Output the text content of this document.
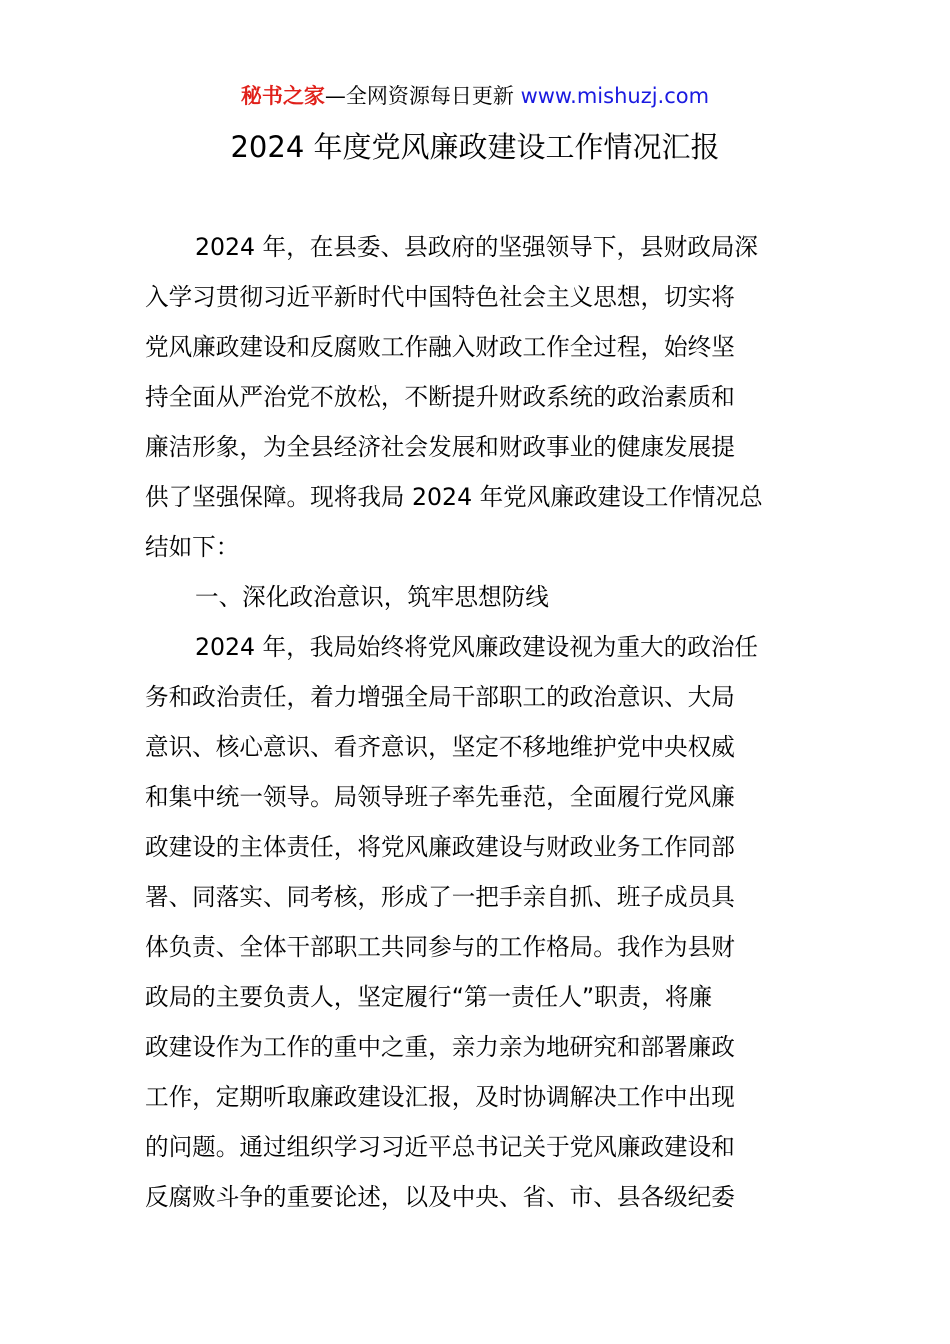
秘书之家—全网资源每日更新 www.mishuzj.com
2024 年度党风廉政建设工作情况汇报
2024 年，在县委、县政府的坚强领导下，县财政局深
入学习贯彻习近平新时代中国特色社会主义思想，切实将
党风廉政建设和反腐败工作融入财政工作全过程，始终坚
持全面从严治党不放松，不断提升财政系统的政治素质和
廉洁形象，为全县经济社会发展和财政事业的健康发展提
供了坚强保障。现将我局 2024 年党风廉政建设工作情况总
结如下：
一、深化政治意识，筑牢思想防线
2024 年，我局始终将党风廉政建设视为重大的政治任
务和政治责任，着力增强全局干部职工的政治意识、大局
意识、核心意识、看齐意识，坚定不移地维护党中央权威
和集中统一领导。局领导班子率先垂范，全面履行党风廉
政建设的主体责任，将党风廉政建设与财政业务工作同部
署、同落实、同考核，形成了一把手亲自抓、班子成员具
体负责、全体干部职工共同参与的工作格局。我作为县财
政局的主要负责人，坚定履行“第一责任人”职责，将廉
政建设作为工作的重中之重，亲力亲为地研究和部署廉政
工作，定期听取廉政建设汇报，及时协调解决工作中出现
的问题。通过组织学习习近平总书记关于党风廉政建设和
反腐败斗争的重要论述，以及中央、省、市、县各级纪委
